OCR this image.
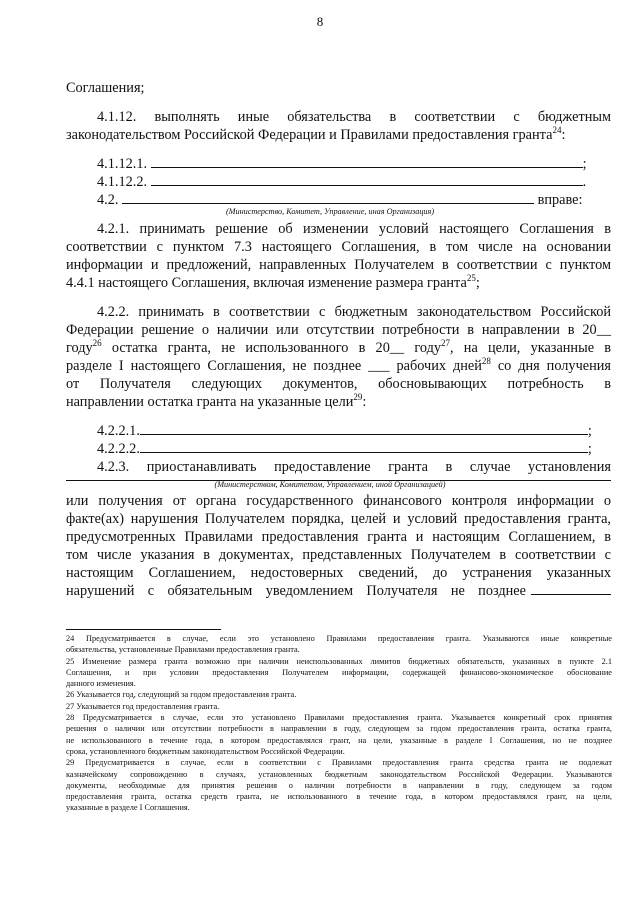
8
Соглашения;
4.1.12. выполнять иные обязательства в соответствии с бюджетным
законодательством Российской Федерации и Правилами предоставления гранта$^{24}$:
4.1.12.1.	;
4.1.12.2.	.
4.2.	вправе:
(Министерство, Комитет, Управление, иная Организация)
4.2.1. принимать решение об изменении условий настоящего Соглашения в
соответствии с пунктом 7.3 настоящего Соглашения, в том числе на основании
информации и предложений, направленных Получателем в соответствии с пунктом
4.4.1 настоящего Соглашения, включая изменение размера гранта$^{25}$;
4.2.2. принимать в соответствии с бюджетным законодательством Российской
Федерации решение о наличии или отсутствии потребности в направлении в 20__
году$^{26}$ остатка гранта, не использованного в 20__ году$^{27}$, на цели, указанные в
разделе I настоящего Соглашения, не позднее ___ рабочих дней$^{28}$ со дня получения
от Получателя следующих документов, обосновывающих потребность в
направлении остатка гранта на указанные цели$^{29}$:
4.2.2.1.	;
4.2.2.2.	;
4.2.3. приостанавливать предоставление гранта в случае установления
(Министерством, Комитетом, Управлением, иной Организацией)
или получения от органа государственного финансового контроля информации о
факте(ах) нарушения Получателем порядка, целей и условий предоставления гранта,
предусмотренных Правилами предоставления гранта и настоящим Соглашением, в
том числе указания в документах, представленных Получателем в соответствии с
настоящим Соглашением, недостоверных сведений, до устранения указанных
нарушений с обязательным уведомлением Получателя не позднее
24 Предусматривается в случае, если это установлено Правилами предоставления гранта. Указываются иные конкретные
обязательства, установленные Правилами предоставления гранта.
25 Изменение размера гранта возможно при наличии неиспользованных лимитов бюджетных обязательств, указанных в пункте 2.1
Соглашения, и при условии предоставления Получателем информации, содержащей финансово-экономическое обоснование
данного изменения.
26 Указывается год, следующий за годом предоставления гранта.
27 Указывается год предоставления гранта.
28 Предусматривается в случае, если это установлено Правилами предоставления гранта. Указывается конкретный срок принятия
решения о наличии или отсутствии потребности в направлении в году, следующем за годом предоставления гранта, остатка гранта,
не использованного в течение года, в котором предоставлялся грант, на цели, указанные в разделе I Соглашения, но не позднее
срока, установленного бюджетным законодательством Российской Федерации.
29 Предусматривается в случае, если в соответствии с Правилами предоставления гранта средства гранта не подлежат
казначейскому сопровождению в случаях, установленных бюджетным законодательством Российской Федерации. Указываются
документы, необходимые для принятия решения о наличии потребности в направлении в году, следующем за годом
предоставления гранта, остатка средств гранта, не использованного в течение года, в котором предоставлялся грант, на цели,
указанные в разделе I Соглашения.
